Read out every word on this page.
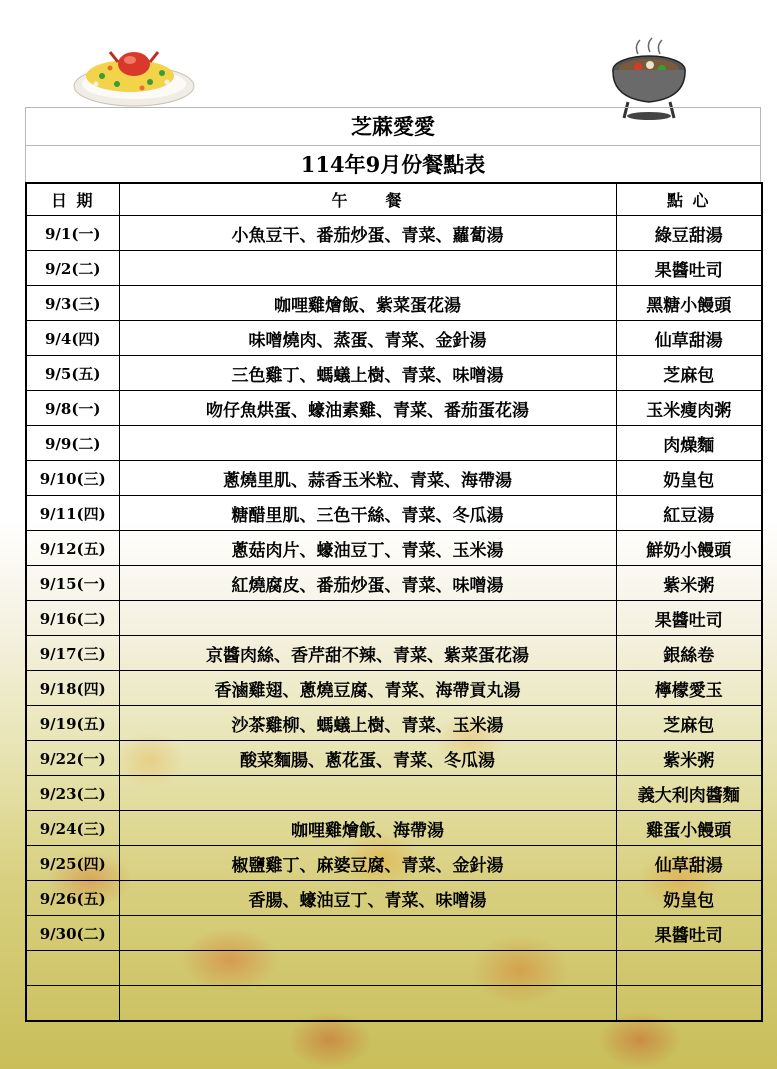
芝蔴愛愛
114年9月份餐點表
日 期	午　　餐	點 心
9/1(一)	小魚豆干、番茄炒蛋、青菜、蘿蔔湯	綠豆甜湯
9/2(二)		果醬吐司
9/3(三)	咖哩雞燴飯、紫菜蛋花湯	黑糖小饅頭
9/4(四)	味噌燒肉、蒸蛋、青菜、金針湯	仙草甜湯
9/5(五)	三色雞丁、螞蟻上樹、青菜、味噌湯	芝麻包
9/8(一)	吻仔魚烘蛋、蠔油素雞、青菜、番茄蛋花湯	玉米瘦肉粥
9/9(二)		肉燥麵
9/10(三)	蔥燒里肌、蒜香玉米粒、青菜、海帶湯	奶皇包
9/11(四)	糖醋里肌、三色干絲、青菜、冬瓜湯	紅豆湯
9/12(五)	蔥菇肉片、蠔油豆丁、青菜、玉米湯	鮮奶小饅頭
9/15(一)	紅燒腐皮、番茄炒蛋、青菜、味噌湯	紫米粥
9/16(二)		果醬吐司
9/17(三)	京醬肉絲、香芹甜不辣、青菜、紫菜蛋花湯	銀絲卷
9/18(四)	香滷雞翅、蔥燒豆腐、青菜、海帶貢丸湯	檸檬愛玉
9/19(五)	沙茶雞柳、螞蟻上樹、青菜、玉米湯	芝麻包
9/22(一)	酸菜麵腸、蔥花蛋、青菜、冬瓜湯	紫米粥
9/23(二)		義大利肉醬麵
9/24(三)	咖哩雞燴飯、海帶湯	雞蛋小饅頭
9/25(四)	椒鹽雞丁、麻婆豆腐、青菜、金針湯	仙草甜湯
9/26(五)	香腸、蠔油豆丁、青菜、味噌湯	奶皇包
9/30(二)		果醬吐司
